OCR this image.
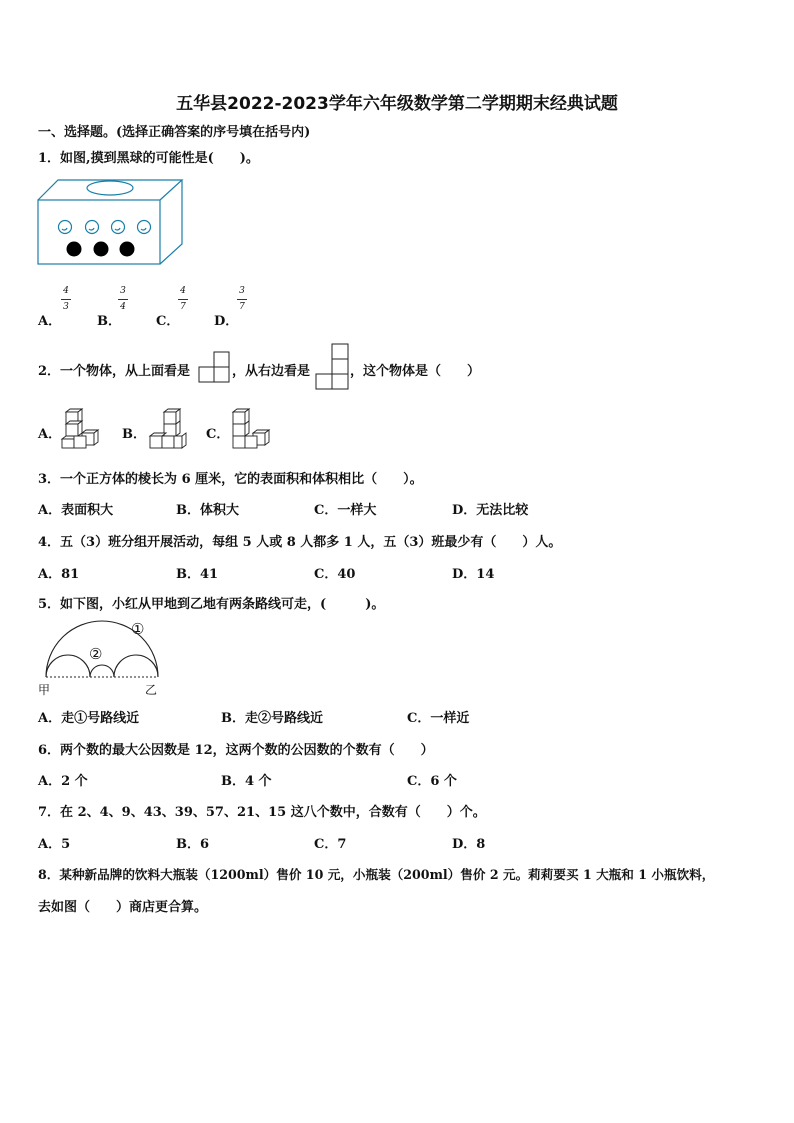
五华县2022-2023学年六年级数学第二学期期末经典试题
一、选择题。(选择正确答案的序号填在括号内)
1．如图,摸到黑球的可能性是(　　)。
A．
4
3
B．
3
4
C．
4
7
D．
3
7
2．一个物体，从上面看是	，从右边看是	，这个物体是（　　）
A．	B．	C．
3．一个正方体的棱长为 6 厘米，它的表面积和体积相比（　　）。
A．表面积大	B．体积大	C．一样大	D．无法比较
4．五（3）班分组开展活动，每组 5 人或 8 人都多 1 人，五（3）班最少有（　　）人。
A．81	B．41	C．40	D．14
5．如下图，小红从甲地到乙地有两条路线可走，(　　　)。
①
②
甲	乙
A．走①号路线近	B．走②号路线近	C．一样近
6．两个数的最大公因数是 12，这两个数的公因数的个数有（　　）
A．2 个	B．4 个	C．6 个
7．在 2、4、9、43、39、57、21、15 这八个数中，合数有（　　）个。
A．5	B．6	C．7	D．8
8．某种新品牌的饮料大瓶装（1200ml）售价 10 元，小瓶装（200ml）售价 2 元。莉莉要买 1 大瓶和 1 小瓶饮料，
去如图（　　）商店更合算。
